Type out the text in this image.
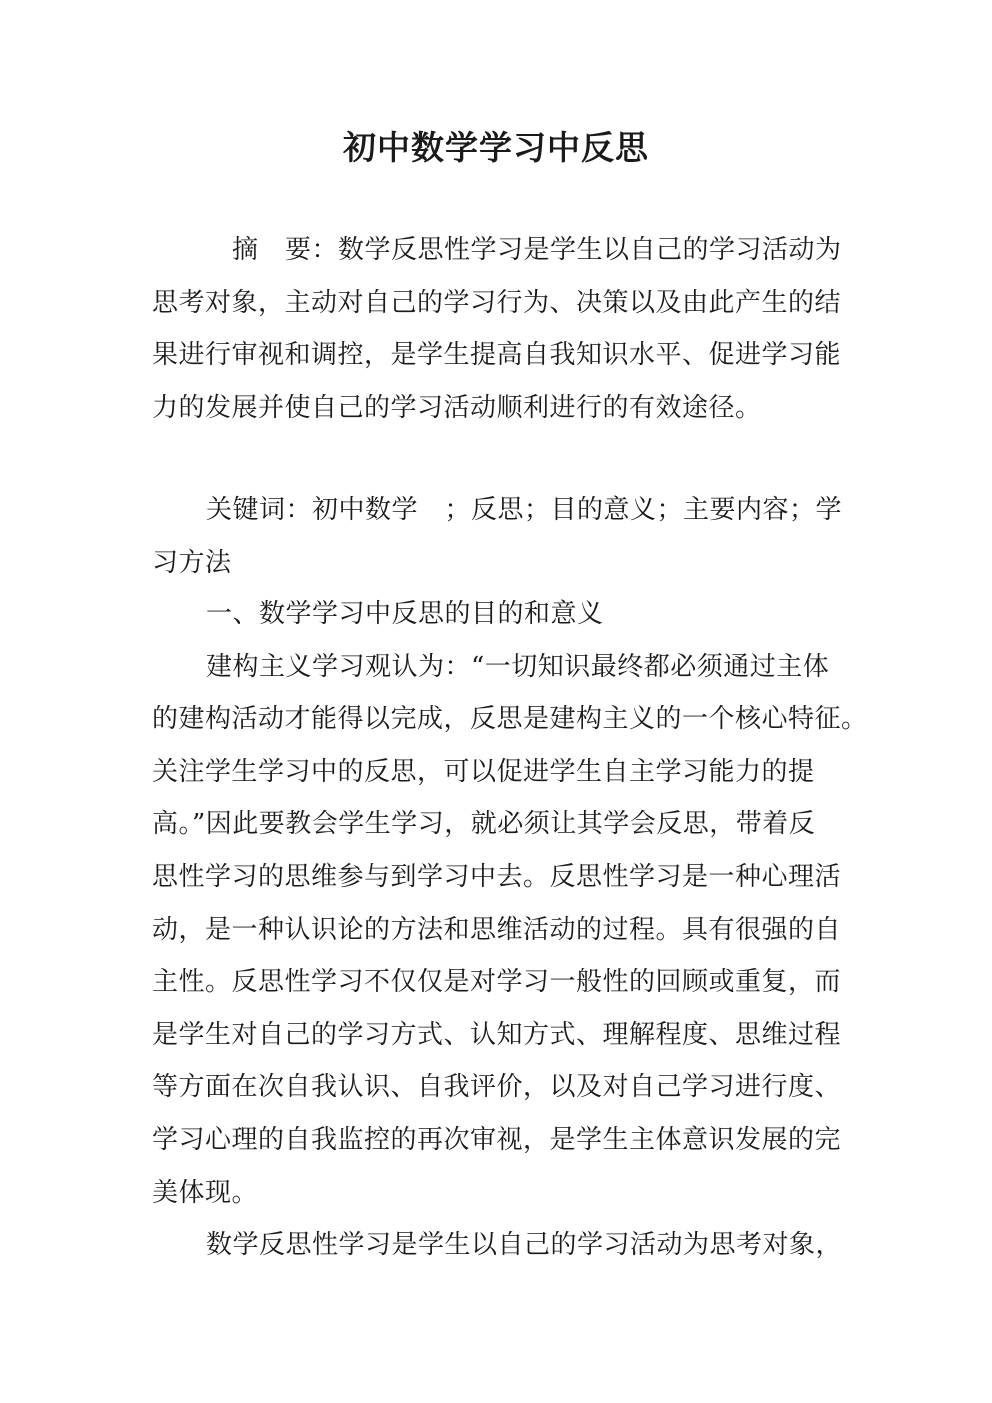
初中数学学习中反思
摘　要：数学反思性学习是学生以自己的学习活动为
思考对象，主动对自己的学习行为、决策以及由此产生的结
果进行审视和调控，是学生提高自我知识水平、促进学习能
力的发展并使自己的学习活动顺利进行的有效途径。
关键词：初中数学　；反思；目的意义；主要内容；学
习方法
一、数学学习中反思的目的和意义
建构主义学习观认为：“一切知识最终都必须通过主体
的建构活动才能得以完成，反思是建构主义的一个核心特征。
关注学生学习中的反思，可以促进学生自主学习能力的提
高。”因此要教会学生学习，就必须让其学会反思，带着反
思性学习的思维参与到学习中去。反思性学习是一种心理活
动，是一种认识论的方法和思维活动的过程。具有很强的自
主性。反思性学习不仅仅是对学习一般性的回顾或重复，而
是学生对自己的学习方式、认知方式、理解程度、思维过程
等方面在次自我认识、自我评价，以及对自己学习进行度、
学习心理的自我监控的再次审视，是学生主体意识发展的完
美体现。
数学反思性学习是学生以自己的学习活动为思考对象，
